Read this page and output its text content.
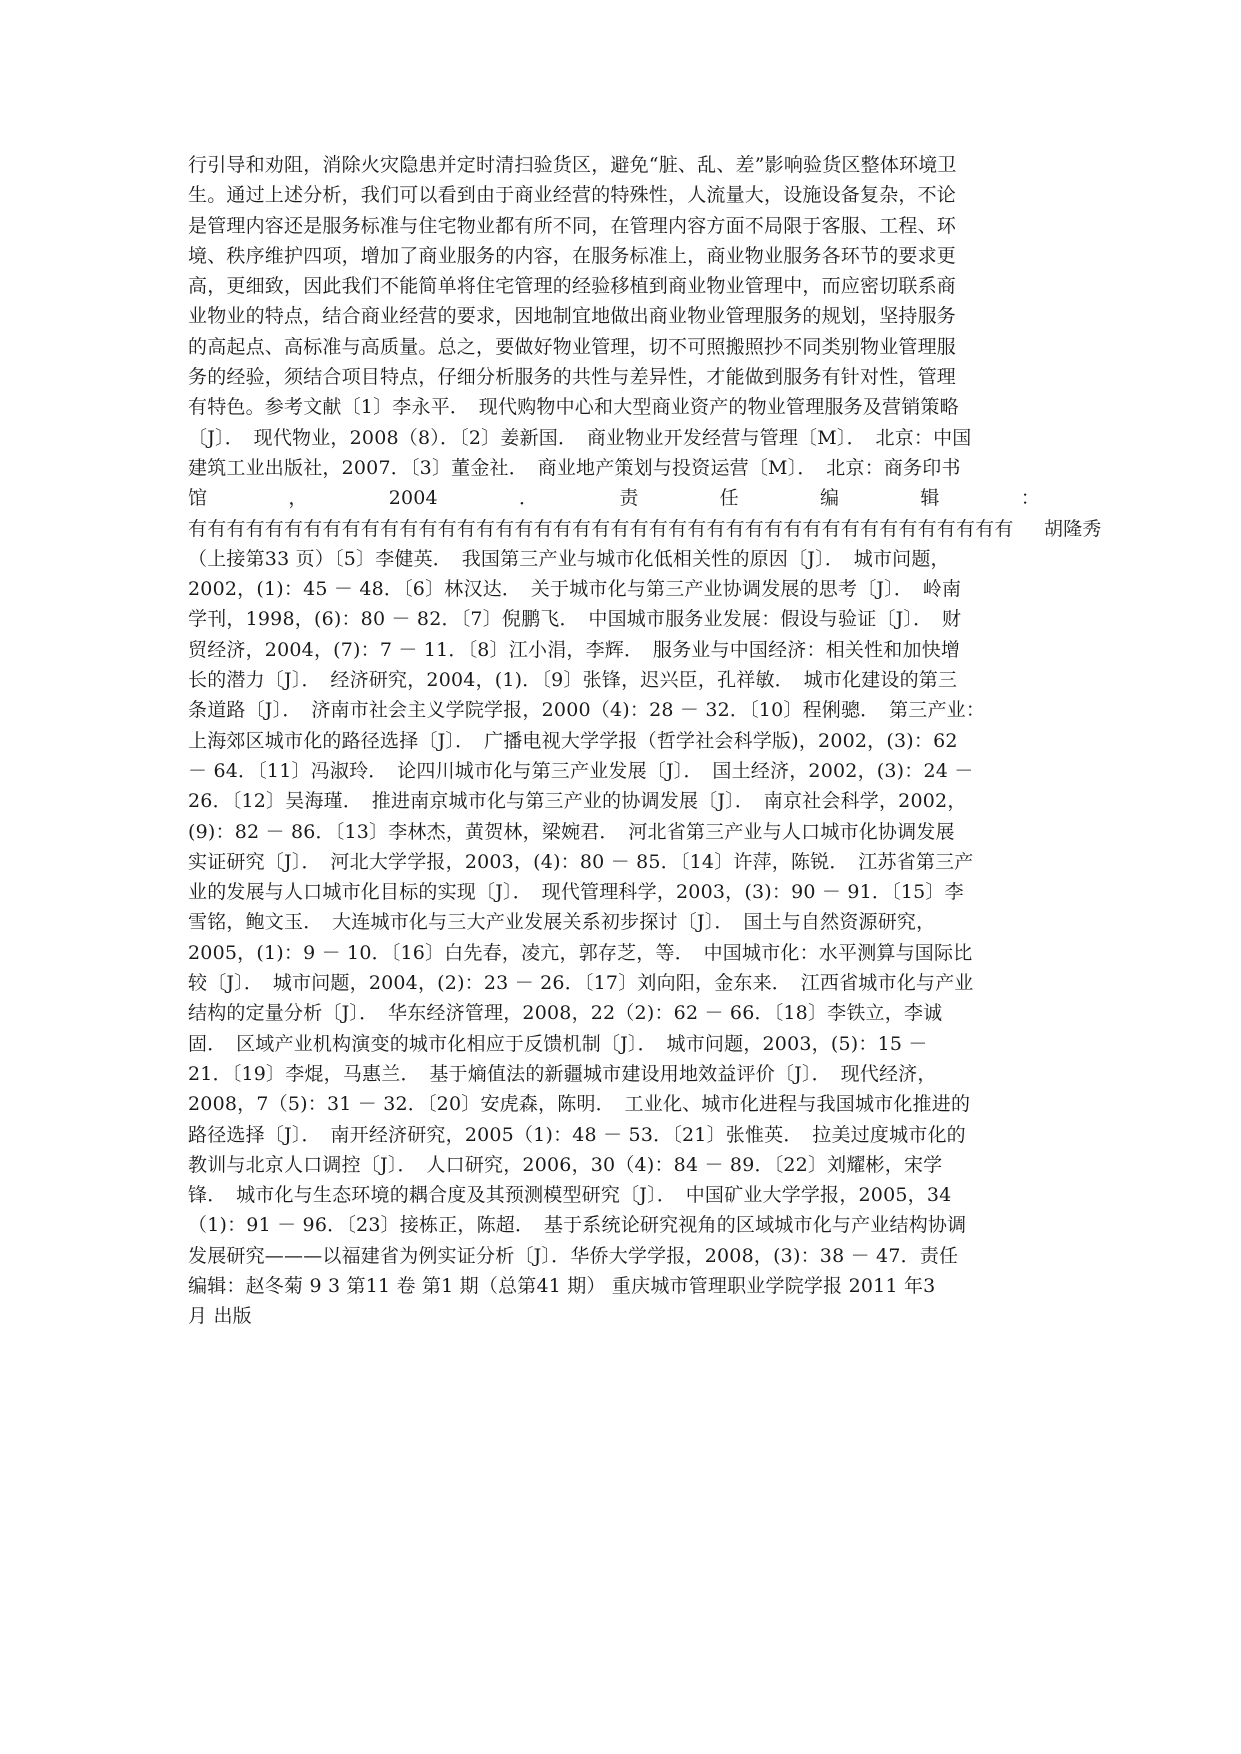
行引导和劝阻，消除火灾隐患并定时清扫验货区，避免“脏、乱、差”影响验货区整体环境卫
生。通过上述分析，我们可以看到由于商业经营的特殊性，人流量大，设施设备复杂，不论
是管理内容还是服务标准与住宅物业都有所不同，在管理内容方面不局限于客服、工程、环
境、秩序维护四项，增加了商业服务的内容，在服务标准上，商业物业服务各环节的要求更
高，更细致，因此我们不能简单将住宅管理的经验移植到商业物业管理中，而应密切联系商
业物业的特点，结合商业经营的要求，因地制宜地做出商业物业管理服务的规划，坚持服务
的高起点、高标准与高质量。总之，要做好物业管理，切不可照搬照抄不同类别物业管理服
务的经验，须结合项目特点，仔细分析服务的共性与差异性，才能做到服务有针对性，管理
有特色。参考文献〔1〕李永平．　现代购物中心和大型商业资产的物业管理服务及营销策略
〔J〕．　现代物业，2008（8）．〔2〕姜新国．　商业物业开发经营与管理〔M〕．　北京：中国
建筑工业出版社，2007．〔3〕董金社．　商业地产策划与投资运营〔M〕．　北京：商务印书
馆	，	2004	．	责	任	编	辑	：
有有有有有有有有有有有有有有有有有有有有有有有有有有有有有有有有有有有有有有有有有有有 胡隆秀
（上接第33 页）〔5〕李健英．　我国第三产业与城市化低相关性的原因〔J〕．　城市问题，
2002，(1)：45 － 48．〔6〕林汉达．　关于城市化与第三产业协调发展的思考〔J〕．　岭南
学刊，1998，(6)：80 － 82．〔7〕倪鹏飞．　中国城市服务业发展：假设与验证〔J〕．　财
贸经济，2004，(7)：7 － 11．〔8〕江小涓，李辉．　服务业与中国经济：相关性和加快增
长的潜力〔J〕．　经济研究，2004，(1)．〔9〕张锋，迟兴臣，孔祥敏．　城市化建设的第三
条道路〔J〕．　济南市社会主义学院学报，2000（4)：28 － 32．〔10〕程俐骢．　第三产业：
上海郊区城市化的路径选择〔J〕．　广播电视大学学报（哲学社会科学版)，2002，(3)：62
－ 64．〔11〕冯淑玲．　论四川城市化与第三产业发展〔J〕．　国土经济，2002，(3)：24 －
26．〔12〕吴海瑾．　推进南京城市化与第三产业的协调发展〔J〕．　南京社会科学，2002，
(9)：82 － 86．〔13〕李林杰，黄贺林，梁婉君．　河北省第三产业与人口城市化协调发展
实证研究〔J〕．　河北大学学报，2003，(4)：80 － 85．〔14〕许萍，陈锐．　江苏省第三产
业的发展与人口城市化目标的实现〔J〕．　现代管理科学，2003，(3)：90 － 91．〔15〕李
雪铭，鲍文玉．　大连城市化与三大产业发展关系初步探讨〔J〕．　国土与自然资源研究，
2005，(1)：9 － 10．〔16〕白先春，凌亢，郭存芝，等．　中国城市化：水平测算与国际比
较〔J〕．　城市问题，2004，(2)：23 － 26．〔17〕刘向阳，金东来．　江西省城市化与产业
结构的定量分析〔J〕．　华东经济管理，2008，22（2)：62 － 66．〔18〕李铁立，李诚
固．　区域产业机构演变的城市化相应于反馈机制〔J〕．　城市问题，2003，(5)：15 －
21．〔19〕李焜，马惠兰．　基于熵值法的新疆城市建设用地效益评价〔J〕．　现代经济，
2008，7（5)：31 － 32．〔20〕安虎森，陈明．　工业化、城市化进程与我国城市化推进的
路径选择〔J〕．　南开经济研究，2005（1)：48 － 53．〔21〕张惟英．　拉美过度城市化的
教训与北京人口调控〔J〕．　人口研究，2006，30（4)：84 － 89．〔22〕刘耀彬，宋学
锋．　城市化与生态环境的耦合度及其预测模型研究〔J〕．　中国矿业大学学报，2005，34
（1)：91 － 96．〔23〕接栋正，陈超．　基于系统论研究视角的区域城市化与产业结构协调
发展研究———以福建省为例实证分析〔J〕．华侨大学学报，2008，(3)：38 － 47．责任
编辑：赵冬菊 9 3 第11 卷 第1 期（总第41 期） 重庆城市管理职业学院学报 2011 年3
月 出版
